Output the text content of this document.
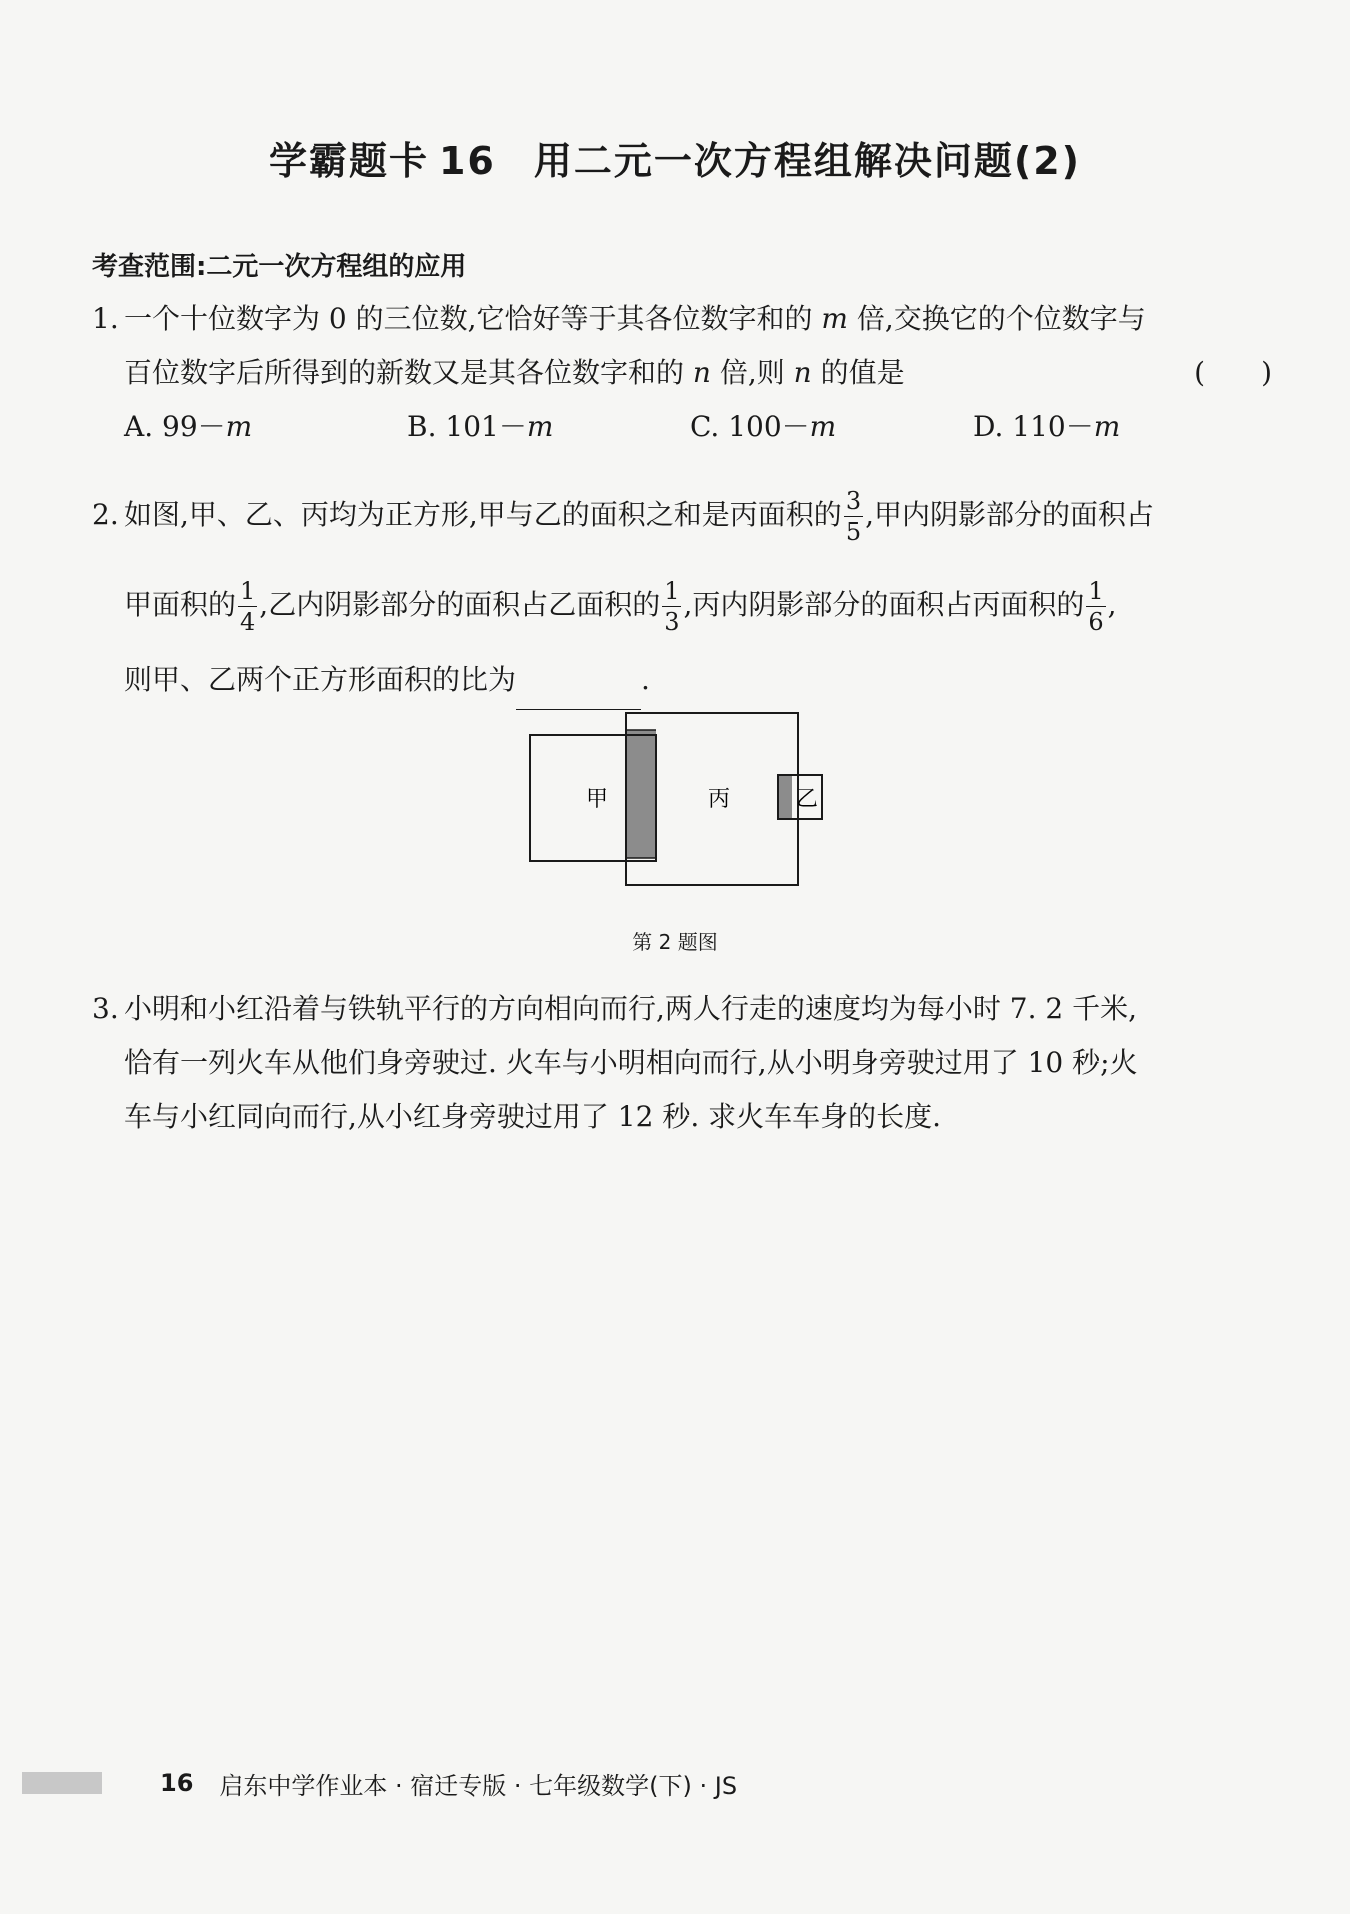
学霸题卡 16 用二元一次方程组解决问题(2)
考查范围:二元一次方程组的应用
1. 一个十位数字为 0 的三位数,它恰好等于其各位数字和的 m 倍,交换它的个位数字与
百位数字后所得到的新数又是其各位数字和的 n 倍,则 n 的值是	(　　)
A. 99－m	B. 101－m	C. 100－m	D. 110－m
2. 如图,甲、乙、丙均为正方形,甲与乙的面积之和是丙面积的 $\frac{3}{5}$ ,甲内阴影部分的面积占
甲面积的 $\frac{1}{4}$ ,乙内阴影部分的面积占乙面积的 $\frac{1}{3}$ ,丙内阴影部分的面积占丙面积的 $\frac{1}{6}$ ,
则甲、乙两个正方形面积的比为	.
甲	丙	乙
第 2 题图
3. 小明和小红沿着与铁轨平行的方向相向而行,两人行走的速度均为每小时 7. 2 千米,
恰有一列火车从他们身旁驶过. 火车与小明相向而行,从小明身旁驶过用了 10 秒;火
车与小红同向而行,从小红身旁驶过用了 12 秒. 求火车车身的长度.
16 启东中学作业本 · 宿迁专版 · 七年级数学(下) · JS
